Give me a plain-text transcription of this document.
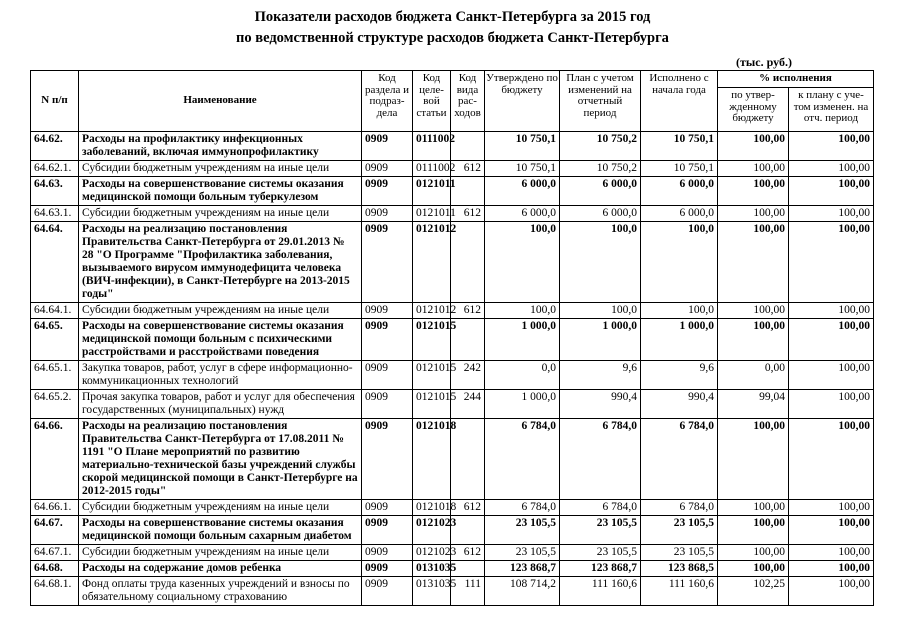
Показатели расходов бюджета Санкт-Петербурга за 2015 год
по ведомственной структуре расходов бюджета Санкт-Петербурга
(тыс. руб.)
N п/п	Наименование	Код раздела и подраз-дела	Код целе-вой статьи	Код вида рас-ходов	Утверждено по бюджету	План с учетом изменений на отчетный период	Исполнено с начала года	% исполнения	
								по утвер-жденному бюджету	к плану с уче-том изменен. на отч. период
64.62.	Расходы на профилактику инфекционных заболеваний, включая иммунопрофилактику	0909	0111002		10 750,1	10 750,2	10 750,1	100,00	100,00
64.62.1.	Субсидии бюджетным учреждениям на иные цели	0909	0111002	612	10 750,1	10 750,2	10 750,1	100,00	100,00
64.63.	Расходы на совершенствование системы оказания медицинской помощи больным туберкулезом	0909	0121011		6 000,0	6 000,0	6 000,0	100,00	100,00
64.63.1.	Субсидии бюджетным учреждениям на иные цели	0909	0121011	612	6 000,0	6 000,0	6 000,0	100,00	100,00
64.64.	Расходы на реализацию постановления Правительства Санкт-Петербурга от 29.01.2013 № 28 "О Программе "Профилактика заболевания, вызываемого вирусом иммунодефицита человека (ВИЧ-инфекции), в Санкт-Петербурге на 2013-2015 годы"	0909	0121012		100,0	100,0	100,0	100,00	100,00
64.64.1.	Субсидии бюджетным учреждениям на иные цели	0909	0121012	612	100,0	100,0	100,0	100,00	100,00
64.65.	Расходы на совершенствование системы оказания медицинской помощи больным с психическими расстройствами и расстройствами поведения	0909	0121015		1 000,0	1 000,0	1 000,0	100,00	100,00
64.65.1.	Закупка товаров, работ, услуг в сфере информационно-коммуникационных технологий	0909	0121015	242	0,0	9,6	9,6	0,00	100,00
64.65.2.	Прочая закупка товаров, работ и услуг для обеспечения государственных (муниципальных) нужд	0909	0121015	244	1 000,0	990,4	990,4	99,04	100,00
64.66.	Расходы на реализацию постановления Правительства Санкт-Петербурга от 17.08.2011 № 1191 "О Плане мероприятий по развитию материально-технической базы учреждений службы скорой медицинской помощи в Санкт-Петербурге на 2012-2015 годы"	0909	0121018		6 784,0	6 784,0	6 784,0	100,00	100,00
64.66.1.	Субсидии бюджетным учреждениям на иные цели	0909	0121018	612	6 784,0	6 784,0	6 784,0	100,00	100,00
64.67.	Расходы на совершенствование системы оказания медицинской помощи больным сахарным диабетом	0909	0121023		23 105,5	23 105,5	23 105,5	100,00	100,00
64.67.1.	Субсидии бюджетным учреждениям на иные цели	0909	0121023	612	23 105,5	23 105,5	23 105,5	100,00	100,00
64.68.	Расходы на содержание домов ребенка	0909	0131035		123 868,7	123 868,7	123 868,5	100,00	100,00
64.68.1.	Фонд оплаты труда казенных учреждений и взносы по обязательному социальному страхованию	0909	0131035	111	108 714,2	111 160,6	111 160,6	102,25	100,00
